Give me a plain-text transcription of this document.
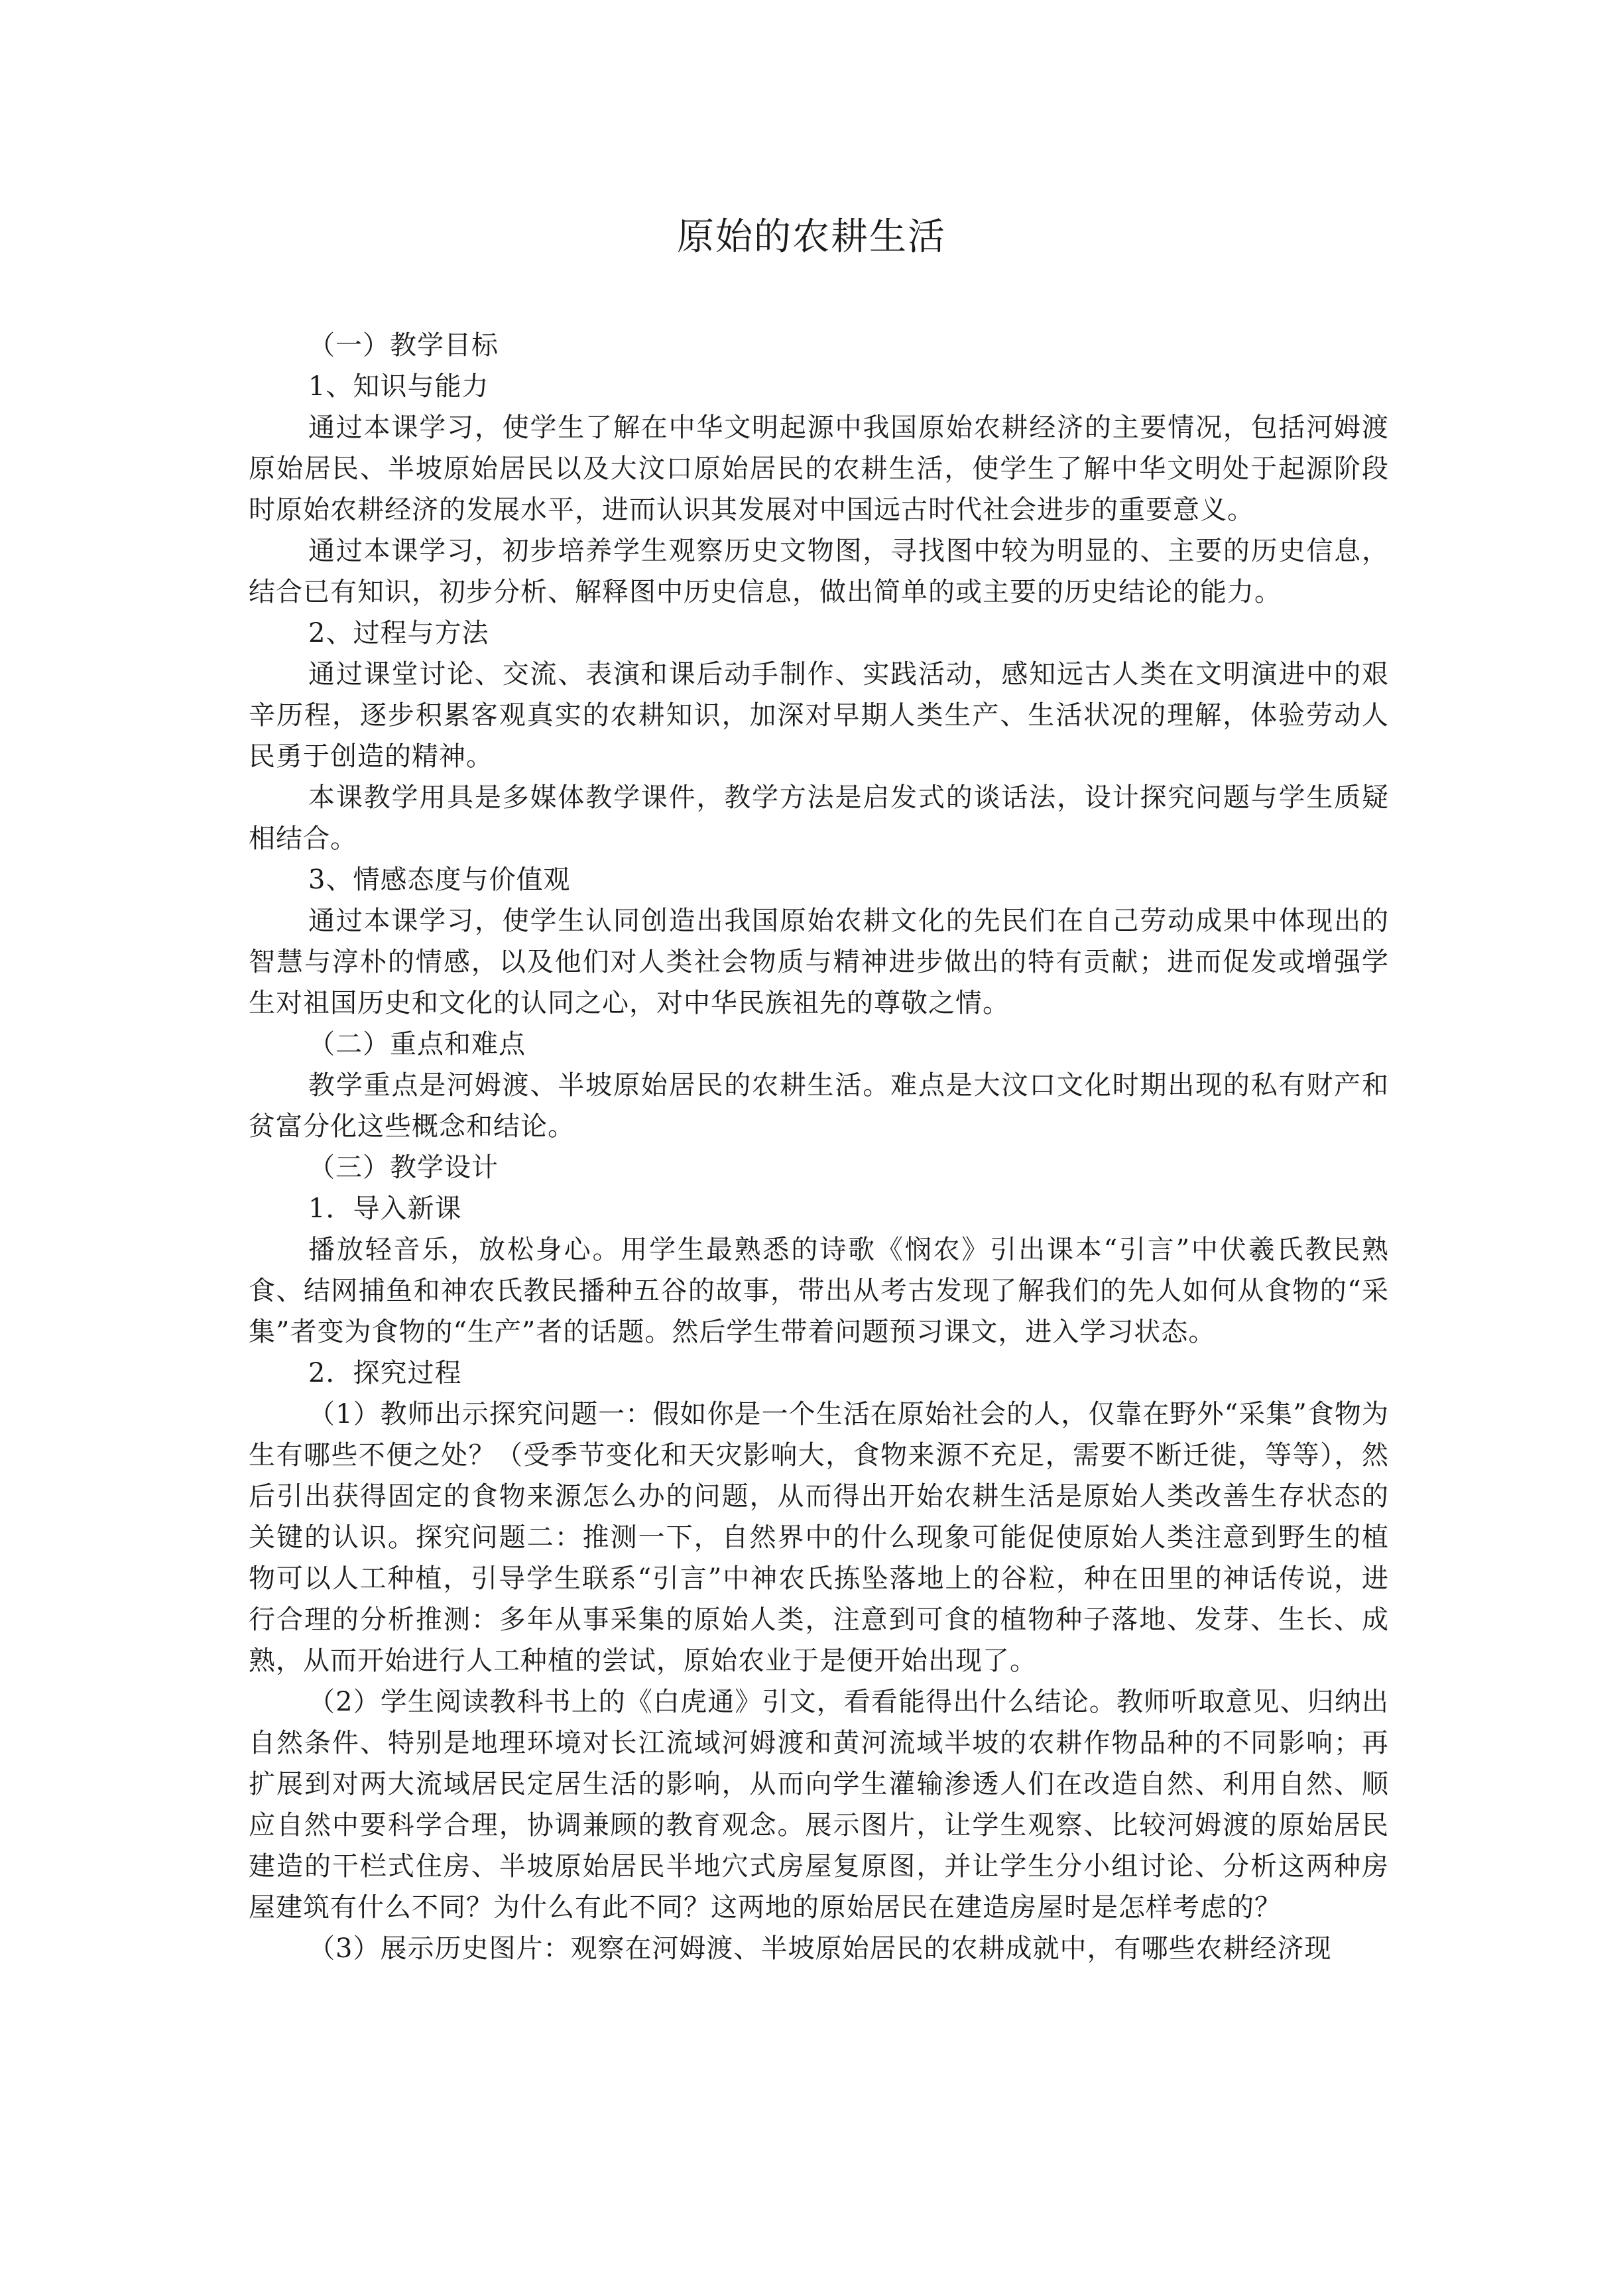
原始的农耕生活

（一）教学目标

1、知识与能力

通过本课学习，使学生了解在中华文明起源中我国原始农耕经济的主要情况，包括河姆渡原始居民、半坡原始居民以及大汶口原始居民的农耕生活，使学生了解中华文明处于起源阶段时原始农耕经济的发展水平，进而认识其发展对中国远古时代社会进步的重要意义。

通过本课学习，初步培养学生观察历史文物图，寻找图中较为明显的、主要的历史信息，结合已有知识，初步分析、解释图中历史信息，做出简单的或主要的历史结论的能力。

2、过程与方法

通过课堂讨论、交流、表演和课后动手制作、实践活动，感知远古人类在文明演进中的艰辛历程，逐步积累客观真实的农耕知识，加深对早期人类生产、生活状况的理解，体验劳动人民勇于创造的精神。

本课教学用具是多媒体教学课件，教学方法是启发式的谈话法，设计探究问题与学生质疑相结合。

3、情感态度与价值观

通过本课学习，使学生认同创造出我国原始农耕文化的先民们在自己劳动成果中体现出的智慧与淳朴的情感，以及他们对人类社会物质与精神进步做出的特有贡献；进而促发或增强学生对祖国历史和文化的认同之心，对中华民族祖先的尊敬之情。

（二）重点和难点

教学重点是河姆渡、半坡原始居民的农耕生活。难点是大汶口文化时期出现的私有财产和贫富分化这些概念和结论。

（三）教学设计

1．导入新课

播放轻音乐，放松身心。用学生最熟悉的诗歌《悯农》引出课本“引言”中伏羲氏教民熟食、结网捕鱼和神农氏教民播种五谷的故事，带出从考古发现了解我们的先人如何从食物的“采集”者变为食物的“生产”者的话题。然后学生带着问题预习课文，进入学习状态。

2．探究过程

（1）教师出示探究问题一：假如你是一个生活在原始社会的人，仅靠在野外“采集”食物为生有哪些不便之处？（受季节变化和天灾影响大，食物来源不充足，需要不断迁徙，等等），然后引出获得固定的食物来源怎么办的问题，从而得出开始农耕生活是原始人类改善生存状态的关键的认识。探究问题二：推测一下，自然界中的什么现象可能促使原始人类注意到野生的植物可以人工种植，引导学生联系“引言”中神农氏拣坠落地上的谷粒，种在田里的神话传说，进行合理的分析推测：多年从事采集的原始人类，注意到可食的植物种子落地、发芽、生长、成熟，从而开始进行人工种植的尝试，原始农业于是便开始出现了。

（2）学生阅读教科书上的《白虎通》引文，看看能得出什么结论。教师听取意见、归纳出自然条件、特别是地理环境对长江流域河姆渡和黄河流域半坡的农耕作物品种的不同影响；再扩展到对两大流域居民定居生活的影响，从而向学生灌输渗透人们在改造自然、利用自然、顺应自然中要科学合理，协调兼顾的教育观念。展示图片，让学生观察、比较河姆渡的原始居民建造的干栏式住房、半坡原始居民半地穴式房屋复原图，并让学生分小组讨论、分析这两种房屋建筑有什么不同？为什么有此不同？这两地的原始居民在建造房屋时是怎样考虑的？

（3）展示历史图片：观察在河姆渡、半坡原始居民的农耕成就中，有哪些农耕经济现
